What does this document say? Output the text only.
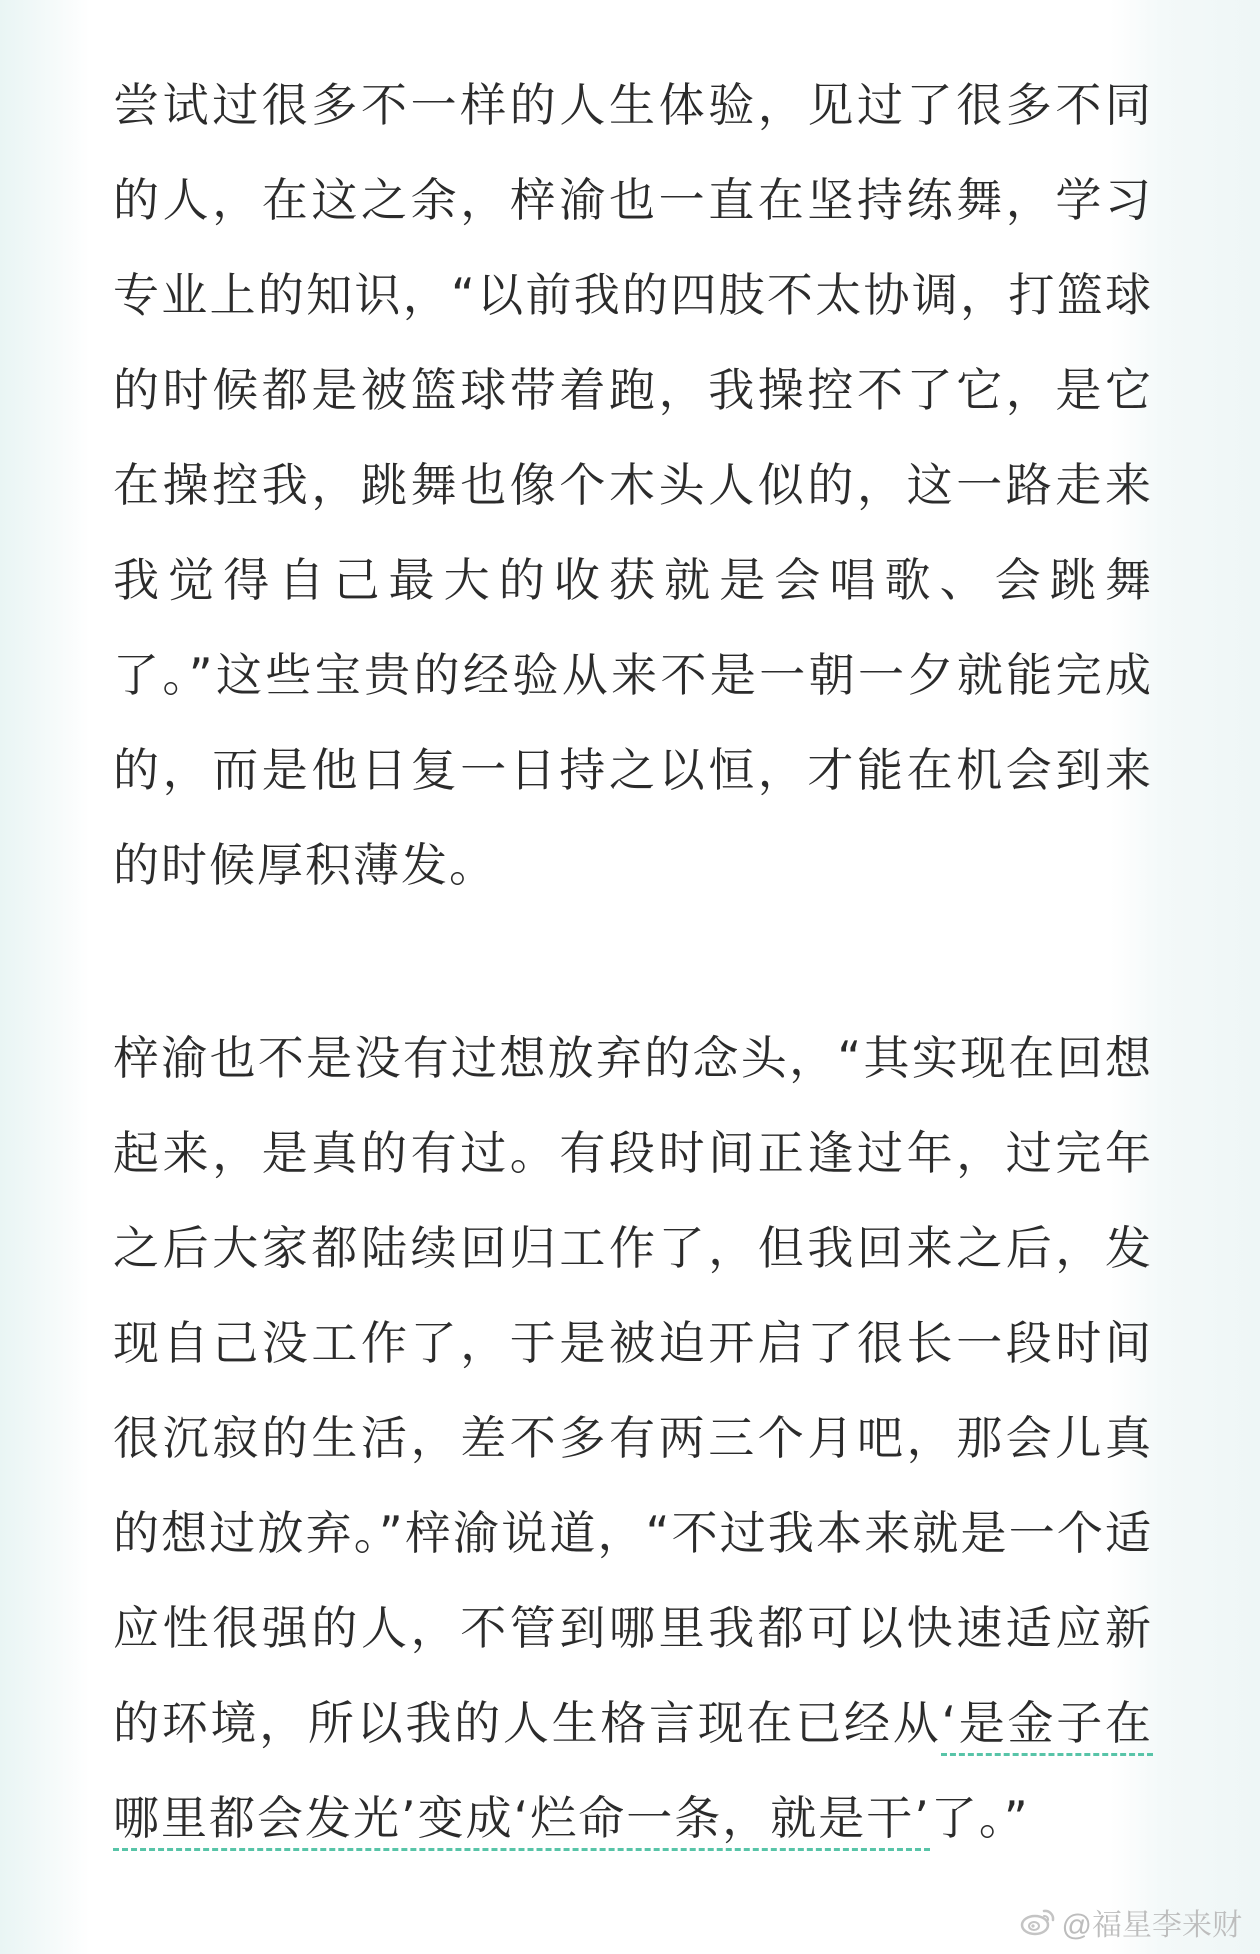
尝试过很多不一样的人生体验，见过了很多不同的人，在这之余，梓渝也一直在坚持练舞，学习专业上的知识，“以前我的四肢不太协调，打篮球的时候都是被篮球带着跑，我操控不了它，是它在操控我，跳舞也像个木头人似的，这一路走来我觉得自己最大的收获就是会唱歌、会跳舞了。”这些宝贵的经验从来不是一朝一夕就能完成的，而是他日复一日持之以恒，才能在机会到来的时候厚积薄发。

梓渝也不是没有过想放弃的念头，“其实现在回想起来，是真的有过。有段时间正逢过年，过完年之后大家都陆续回归工作了，但我回来之后，发现自己没工作了，于是被迫开启了很长一段时间很沉寂的生活，差不多有两三个月吧，那会儿真的想过放弃。”梓渝说道，“不过我本来就是一个适应性很强的人，不管到哪里我都可以快速适应新的环境，所以我的人生格言现在已经从‘是金子在哪里都会发光’变成‘烂命一条，就是干’了。”

@福星李来财
